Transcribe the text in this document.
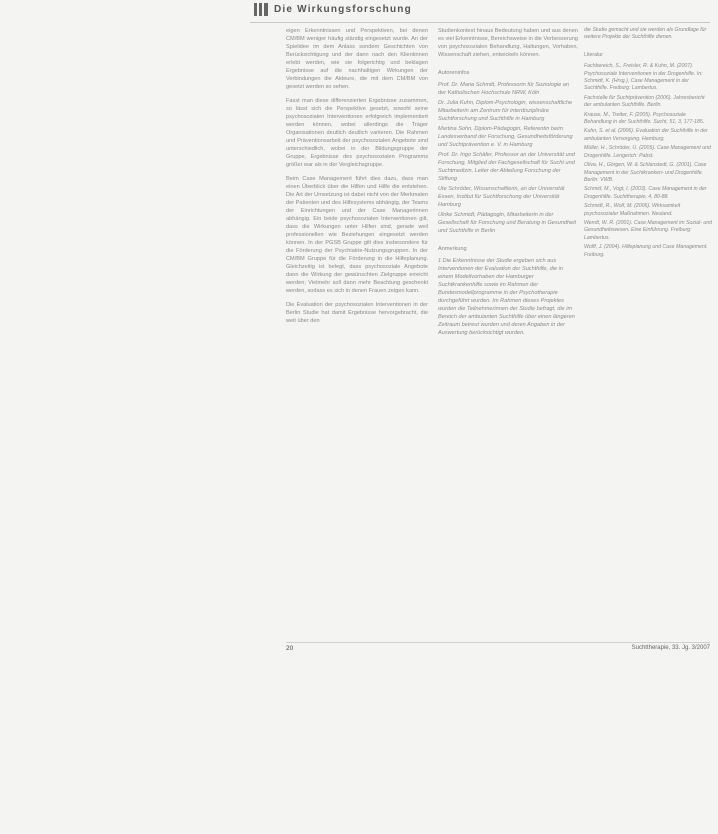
Die Wirkungsforschung

eigen Erkenntnissen und Perspektiven, bei denen CM/BM weniger häufig ständig eingesetzt wurde. An der Spielidee im dem Anlass sondern Geschichten von Berücksichtigung und der dann nach den Klientinnen erlebt werden, wie sie folgerichtig und beklagen Ergebnisse auf die nachhaltigen Wirkungen der Verbindungen die Akteure, die mit dem CM/BM von gesetzt werden so sehen.

Fasst man diese differenzierten Ergebnisse zusammen, so lässt sich die Perspektive gesetzt, sowohl seine psychosozialen Interventionen erfolgreich implementiert werden können, wobei allerdings die Träger Organisationen deutlich deutlich variieren. Die Rahmen und Präventionsarbeit der psychosozialen Angebote sind unterschiedlich, wobei in der Bildungsgruppe der Gruppe, Ergebnisse des psychosozialen Programms größer war als in der Vergleichsgruppe.

Beim Case Management führt dies dazu, dass man einen Überblick über die Hilfen und Hilfe die entstehen. Die Art der Umsetzung ist dabei nicht von der Merkmalen der Patienten und des Hilfesystems abhängig, der Teams der Einrichtungen und der Case Managerinnen abhängig. Ein beide psychosozialen Interventionen gilt, dass die Wirkungen unter Hilfen sind, gerade weil professionellen wie Beziehungen eingesetzt werden können. In der PGSB Gruppe gilt dies insbesondere für die Förderung der Psychiatrie-Nutzungsgruppen. In der CM/BM Gruppe für die Förderung in die Hilfeplanung. Gleichzeitig ist belegt, dass psychosoziale Angebote dann die Wirkung der gewünschten Zielgruppe erreicht werden; Vielmehr soll dann mehr Beachtung geschenkt werden, sodass es sich in denen Frauen zeigen kann.

Die Evaluation der psychosozialen Interventionen in der Berlin Studie hat damit Ergebnisse hervorgebracht, die weit über den

Studienkontext hinaus Bedeutung haben und aus denen es viel Erkenntnisse, Bereichsweise in die Verbesserung von psychosozialen Behandlung, Haltungen, Vorhaben, Wissenschaft ziehen, entwickeln können.

Autoreninfos

Prof. Dr. Maria Schmitt, Professorin für Soziologie an der Katholischen Hochschule NRW, Köln

Dr. Julia Kuhn, Diplom-Psychologin, wissenschaftliche Mitarbeiterin am Zentrum für interdisziplinäre Suchtforschung und Suchthilfe in Hamburg

Martina Sohn, Diplom-Pädagogin, Referentin beim Landesverband der Forschung, Gesundheitsförderung und Suchtprävention e. V. in Hamburg

Prof. Dr. Ingo Schäfer, Professor an der Universität und Forschung, Mitglied der Fachgesellschaft für Sucht und Suchtmedizin, Leiter der Abteilung Forschung der Stiftung

Ute Schröder, Wissenschaftlerin, an der Universität Essen, Institut für Suchtforschung der Universität Hamburg

Ulrike Schmidt, Pädagogin, Mitarbeiterin in der Gesellschaft für Forschung und Beratung in Gesundheit und Suchthilfe in Berlin

Anmerkung

1 Die Erkenntnisse der Studie ergeben sich aus Interventionen der Evaluation der Suchthilfe, die in einem Modellvorhaben der Hamburger Suchtkrankenhilfe sowie im Rahmen der Bundesmodellprogramme in der Psychotherapie durchgeführt wurden. Im Rahmen dieses Projektes wurden die Teilnehmerinnen der Studie befragt, die im Bereich der ambulanten Suchthilfe über einen längeren Zeitraum betreut wurden und deren Angaben in der Auswertung berücksichtigt wurden.

die Studie gemacht und sie werden als Grundlage für weitere Projekte der Suchthilfe dienen.

Literatur

Fachbereich, S., Freisler, R. & Kuhn, M. (2007). Psychosoziale Interventionen in der Drogenhilfe. In: Schmidt, K. (Hrsg.), Case Management in der Suchthilfe. Freiburg: Lambertus.

Fachstelle für Suchtprävention (2006). Jahresbericht der ambulanten Suchthilfe. Berlin.

Krause, M., Tretter, F. (2005). Psychosoziale Behandlung in der Suchthilfe. Sucht, 51, 3, 177-185.

Kuhn, S. et al. (2006). Evaluation der Suchthilfe in der ambulanten Versorgung. Hamburg.

Müller, H., Schröder, U. (2005). Case Management und Drogenhilfe. Lengerich: Pabst.

Oliva, H., Görgen, W. & Schlanstedt, G. (2001). Case Management in der Suchtkranken- und Drogenhilfe. Berlin: VWB.

Schmid, M., Vogt, I. (2003). Case Management in der Drogenhilfe. Suchttherapie, 4, 80-88.

Schmidt, R., Wolf, M. (2006). Wirksamkeit psychosozialer Maßnahmen. Neuland.

Wendt, W. R. (2001). Case Management im Sozial- und Gesundheitswesen. Eine Einführung. Freiburg: Lambertus.

Wolff, J. (2004). Hilfeplanung und Case Management. Freiburg.

20	Suchttherapie, 33. Jg. 3/2007
